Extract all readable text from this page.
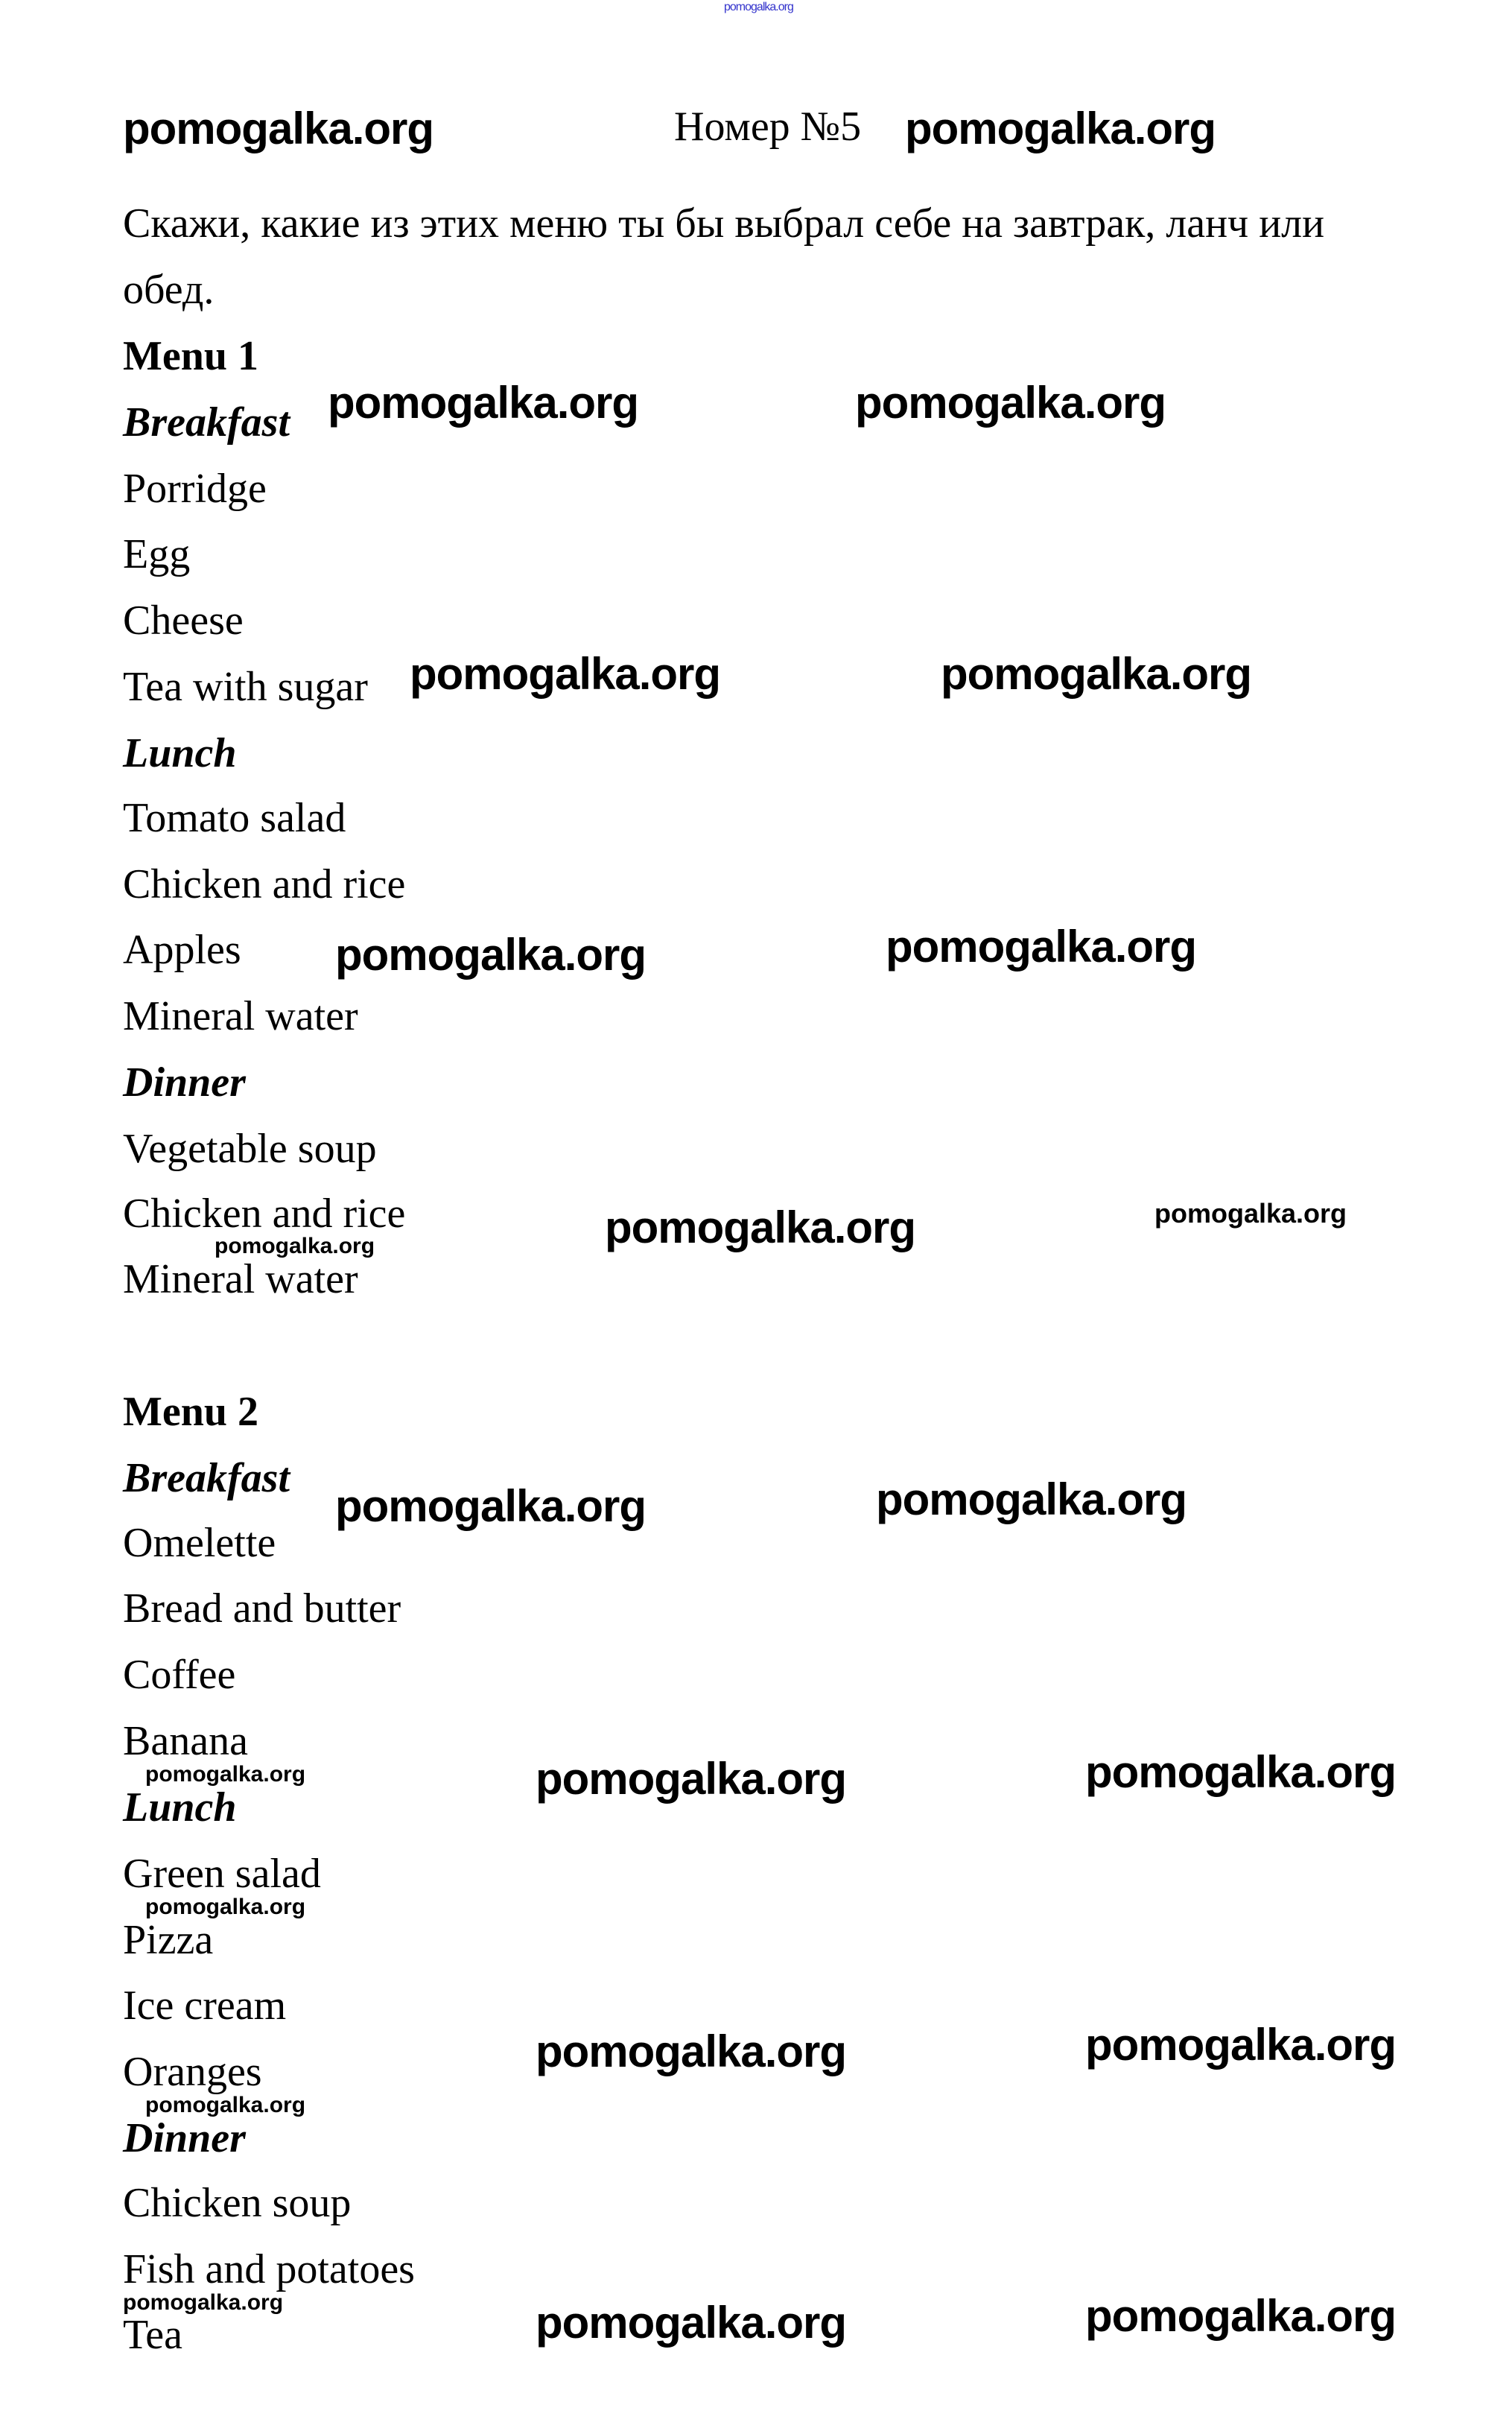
pomogalka.org
pomogalka.org	Номер №5 pomogalka.org
Скажи, какие из этих меню ты бы выбрал себе на завтрак, ланч или
обед.
Menu 1
Breakfast
Porridge
Egg
Cheese
Tea with sugar
Lunch
Tomato salad
Chicken and rice
Apples
Mineral water
Dinner
Vegetable soup
Chicken and rice
Mineral water
Menu 2
Breakfast
Omelette
Bread and butter
Coffee
Banana
Lunch
Green salad
Pizza
Ice cream
Oranges
Dinner
Chicken soup
Fish and potatoes
Tea
pomogalka.org	pomogalka.org
pomogalka.org	pomogalka.org
pomogalka.org	pomogalka.org
pomogalka.org	pomogalka.org
pomogalka.org
pomogalka.org	pomogalka.org
pomogalka.org	pomogalka.org	pomogalka.org
pomogalka.org
pomogalka.org	pomogalka.org
pomogalka.org
pomogalka.org	pomogalka.org	pomogalka.org
